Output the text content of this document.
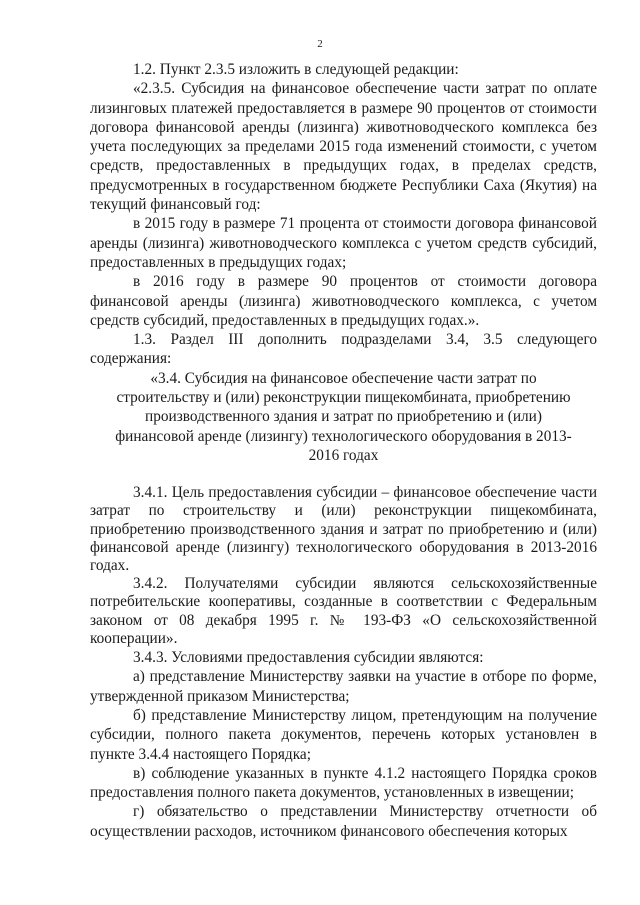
2

1.2. Пункт 2.3.5 изложить в следующей редакции:

«2.3.5. Субсидия на финансовое обеспечение части затрат по оплате лизинговых платежей предоставляется в размере 90 процентов от стоимости договора финансовой аренды (лизинга) животноводческого комплекса без учета последующих за пределами 2015 года изменений стоимости, с учетом средств, предоставленных в предыдущих годах, в пределах средств, предусмотренных в государственном бюджете Республики Саха (Якутия) на текущий финансовый год:

в 2015 году в размере 71 процента от стоимости договора финансовой аренды (лизинга) животноводческого комплекса с учетом средств субсидий, предоставленных в предыдущих годах;

в 2016 году в размере 90 процентов от стоимости договора финансовой аренды (лизинга) животноводческого комплекса, с учетом средств субсидий, предоставленных в предыдущих годах.».

1.3. Раздел III дополнить подразделами 3.4, 3.5 следующего содержания:

«3.4. Субсидия на финансовое обеспечение части затрат по строительству и (или) реконструкции пищекомбината, приобретению производственного здания и затрат по приобретению и (или) финансовой аренде (лизингу) технологического оборудования в 2013-2016 годах

3.4.1. Цель предоставления субсидии – финансовое обеспечение части затрат по строительству и (или) реконструкции пищекомбината, приобретению производственного здания и затрат по приобретению и (или) финансовой аренде (лизингу) технологического оборудования в 2013-2016 годах.

3.4.2. Получателями субсидии являются сельскохозяйственные потребительские кооперативы, созданные в соответствии с Федеральным законом от 08 декабря 1995 г. № 193-ФЗ «О сельскохозяйственной кооперации».

3.4.3. Условиями предоставления субсидии являются:

а) представление Министерству заявки на участие в отборе по форме, утвержденной приказом Министерства;

б) представление Министерству лицом, претендующим на получение субсидии, полного пакета документов, перечень которых установлен в пункте 3.4.4 настоящего Порядка;

в) соблюдение указанных в пункте 4.1.2 настоящего Порядка сроков предоставления полного пакета документов, установленных в извещении;

г) обязательство о представлении Министерству отчетности об осуществлении расходов, источником финансового обеспечения которых
